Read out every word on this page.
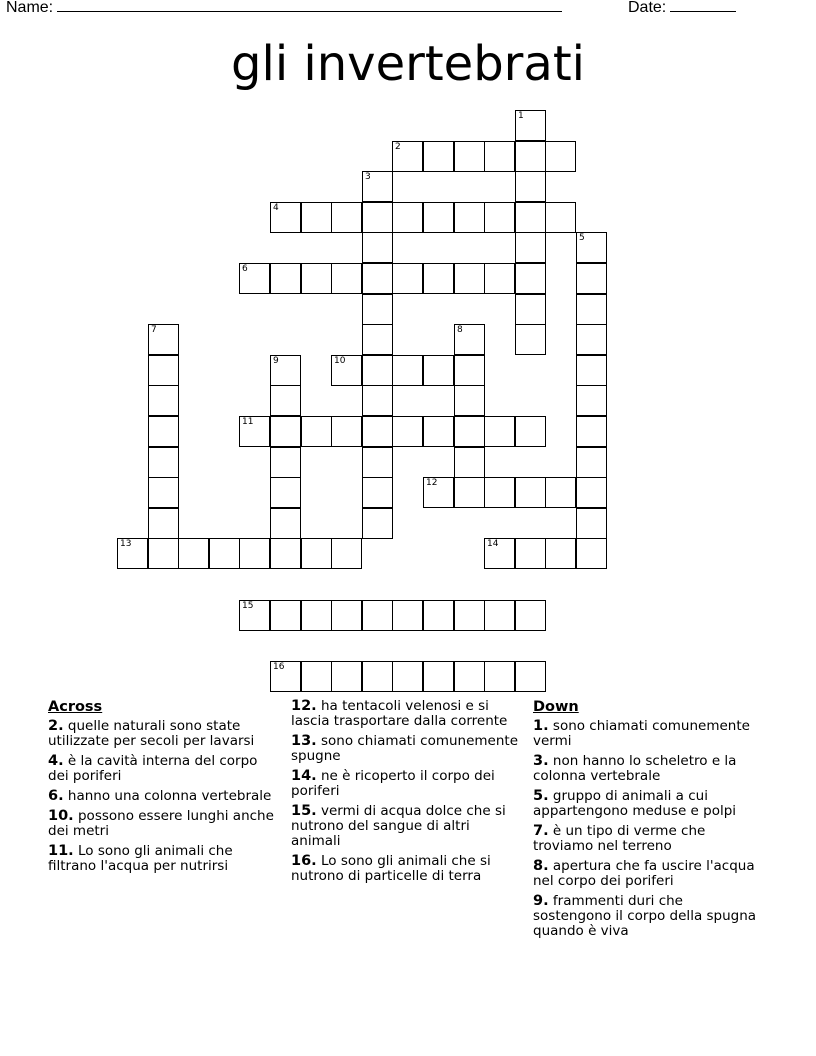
Name:	Date:
gli invertebrati
1
2
3
4
5
6
7	8
9	10
11
12
13	14
15
16
Across
2. quelle naturali sono state utilizzate per secoli per lavarsi
4. è la cavità interna del corpo dei poriferi
6. hanno una colonna vertebrale
10. possono essere lunghi anche dei metri
11. Lo sono gli animali che filtrano l'acqua per nutrirsi
12. ha tentacoli velenosi e si lascia trasportare dalla corrente
13. sono chiamati comunemente spugne
14. ne è ricoperto il corpo dei poriferi
15. vermi di acqua dolce che si nutrono del sangue di altri animali
16. Lo sono gli animali che si nutrono di particelle di terra
Down
1. sono chiamati comunemente vermi
3. non hanno lo scheletro e la colonna vertebrale
5. gruppo di animali a cui appartengono meduse e polpi
7. è un tipo di verme che troviamo nel terreno
8. apertura che fa uscire l'acqua nel corpo dei poriferi
9. frammenti duri che sostengono il corpo della spugna quando è viva
